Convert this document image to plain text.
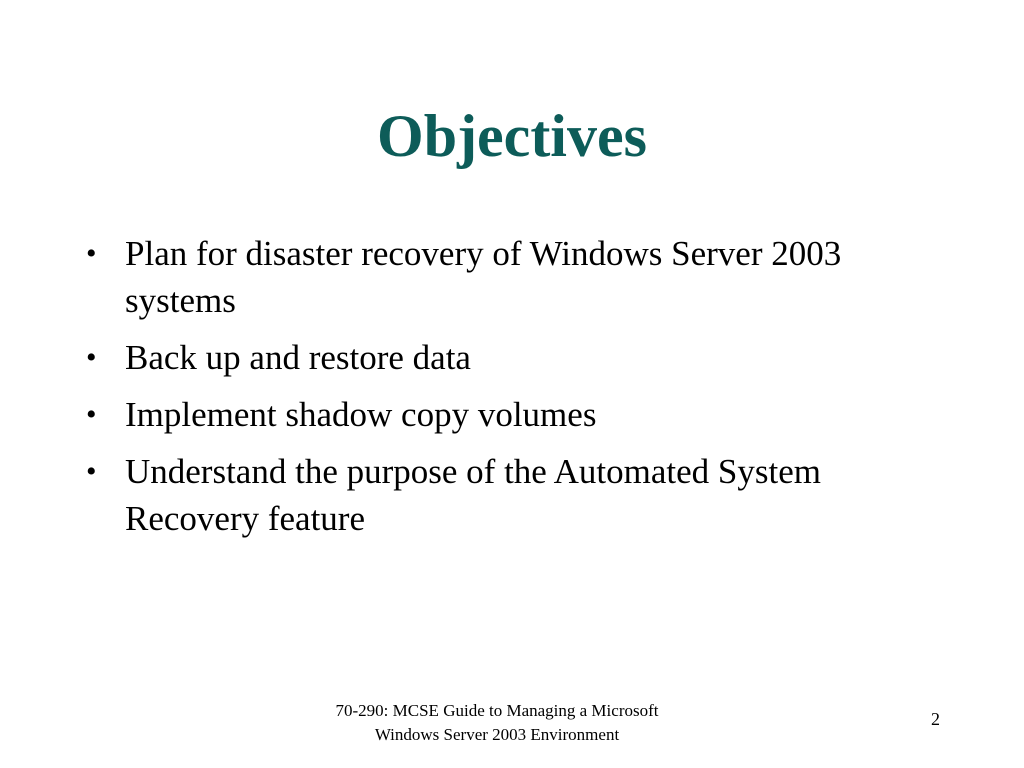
Objectives
• Plan for disaster recovery of Windows Server 2003 systems
• Back up and restore data
• Implement shadow copy volumes
• Understand the purpose of the Automated System Recovery feature
70-290: MCSE Guide to Managing a Microsoft
Windows Server 2003 Environment
2
